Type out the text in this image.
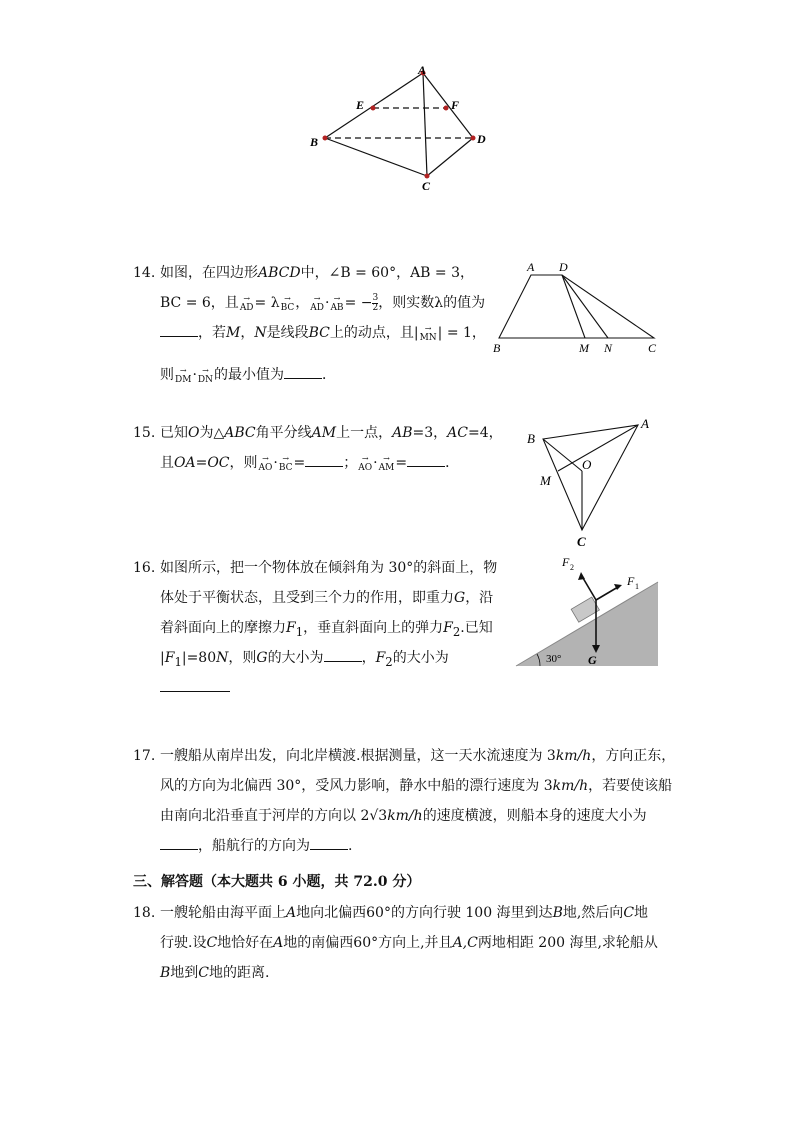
A
E	F
B	D
C
14. 如图，在四边形ABCD中，∠B = 60°，AB = 3，
BC = 6，且 →
AD = λ →
BC ， →
AD · →
AB = $-\frac{3}{2}$ ，则实数λ的值为
，若M，N是线段BC上的动点，且| →
MN | = 1，
则 →
DM · →
DN 的最小值为	．
A D
B	M N	C
15. 已知O为△ABC角平分线AM上一点，AB=3，AC=4，
且OA=OC，则 →
AO · →
BC =	； →
AO · →
AM =	．
A
B
O
M
C
16. 如图所示，把一个物体放在倾斜角为 30°的斜面上，物
体处于平衡状态，且受到三个力的作用，即重力G，沿
着斜面向上的摩擦力$F_1$，垂直斜面向上的弹力$F_2$.已知
$|F_1|=80N$，则G的大小为	，$F_2$的大小为
F 2
F 1
G
30°
17. 一艘船从南岸出发，向北岸横渡.根据测量，这一天水流速度为 3km/h，方向正东，
风的方向为北偏西 30°，受风力影响，静水中船的漂行速度为 3km/h，若要使该船
由南向北沿垂直于河岸的方向以 2√3km/h的速度横渡，则船本身的速度大小为
，船航行的方向为	.
三、解答题（本大题共 6 小题，共 72.0 分）
18. 一艘轮船由海平面上A地向北偏西60°的方向行驶 100 海里到达B地,然后向C地
行驶.设C地恰好在A地的南偏西60°方向上,并且A,C两地相距 200 海里,求轮船从
B地到C地的距离.
